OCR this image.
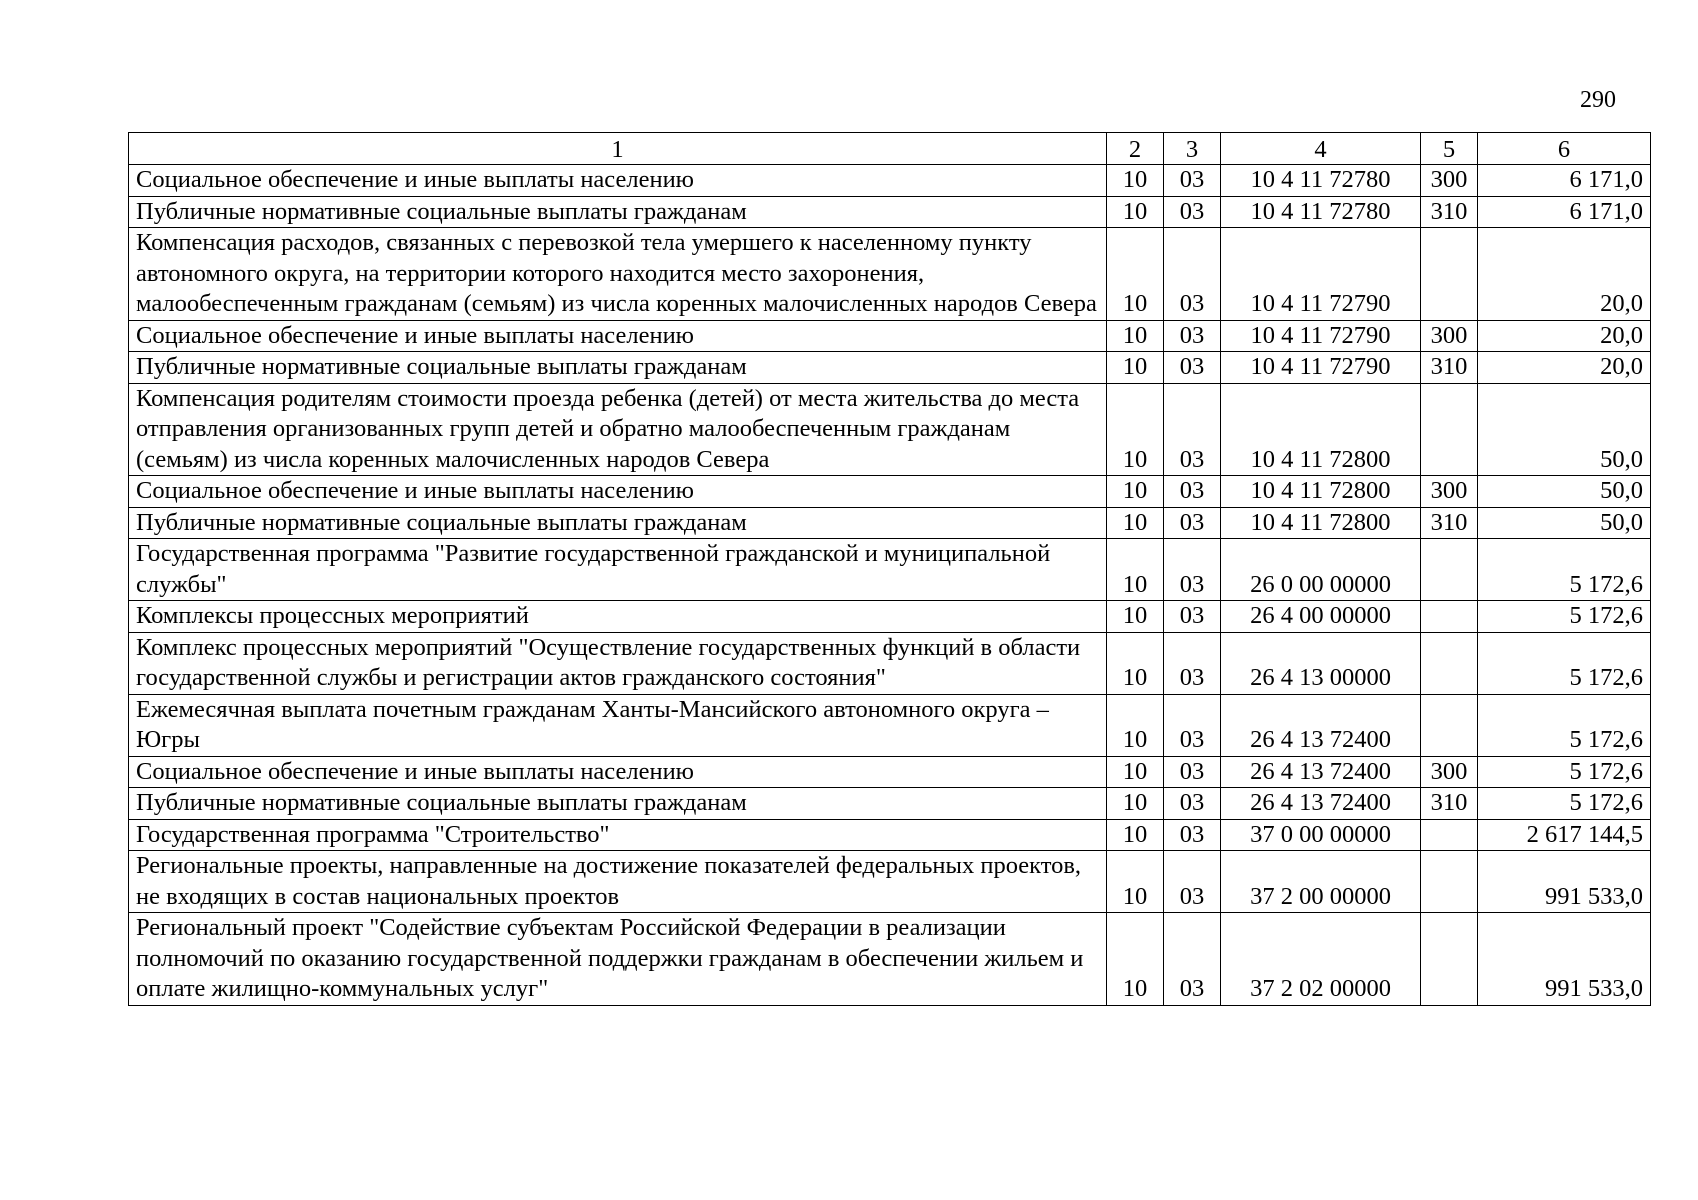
290
1	2	3	4	5	6
Социальное обеспечение и иные выплаты населению	10	03	10 4 11 72780	300	6 171,0
Публичные нормативные социальные выплаты гражданам	10	03	10 4 11 72780	310	6 171,0
Компенсация расходов, связанных с перевозкой тела умершего к населенному пункту автономного округа, на территории которого находится место захоронения, малообеспеченным гражданам (семьям) из числа коренных малочисленных народов Севера	10	03	10 4 11 72790		20,0
Социальное обеспечение и иные выплаты населению	10	03	10 4 11 72790	300	20,0
Публичные нормативные социальные выплаты гражданам	10	03	10 4 11 72790	310	20,0
Компенсация родителям стоимости проезда ребенка (детей) от места жительства до места отправления организованных групп детей и обратно малообеспеченным гражданам (семьям) из числа коренных малочисленных народов Севера	10	03	10 4 11 72800		50,0
Социальное обеспечение и иные выплаты населению	10	03	10 4 11 72800	300	50,0
Публичные нормативные социальные выплаты гражданам	10	03	10 4 11 72800	310	50,0
Государственная программа "Развитие государственной гражданской и муниципальной службы"	10	03	26 0 00 00000		5 172,6
Комплексы процессных мероприятий	10	03	26 4 00 00000		5 172,6
Комплекс процессных мероприятий "Осуществление государственных функций в области государственной службы и регистрации актов гражданского состояния"	10	03	26 4 13 00000		5 172,6
Ежемесячная выплата почетным гражданам Ханты-Мансийского автономного округа – Югры	10	03	26 4 13 72400		5 172,6
Социальное обеспечение и иные выплаты населению	10	03	26 4 13 72400	300	5 172,6
Публичные нормативные социальные выплаты гражданам	10	03	26 4 13 72400	310	5 172,6
Государственная программа "Строительство"	10	03	37 0 00 00000		2 617 144,5
Региональные проекты, направленные на достижение показателей федеральных проектов, не входящих в состав национальных проектов	10	03	37 2 00 00000		991 533,0
Региональный проект "Содействие субъектам Российской Федерации в реализации полномочий по оказанию государственной поддержки гражданам в обеспечении жильем и оплате жилищно-коммунальных услуг"	10	03	37 2 02 00000		991 533,0
